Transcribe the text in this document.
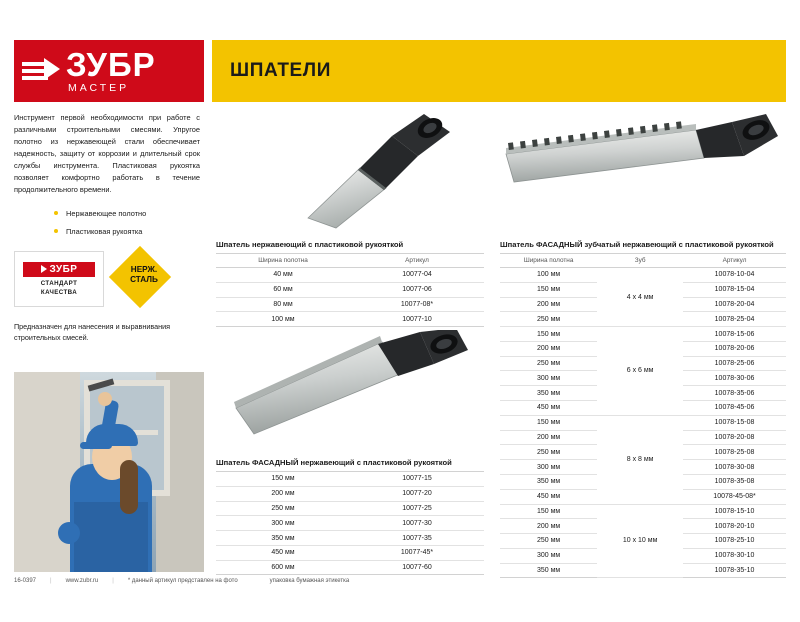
ЗУБР
МАСТЕР
Инструмент первой необходимости при работе с различными строительными смесями. Упругое полотно из нержавеющей стали обеспечивает надежность, защиту от коррозии и длительный срок службы инструмента. Пластиковая рукоятка позволяет комфортно работать в течение продолжительного времени.
Нержавеющее полотно
Пластиковая рукоятка
ЗУБР
СТАНДАРТ
КАЧЕСТВА
НЕРЖ.
СТАЛЬ
Предназначен для нанесения и выравнивания строительных смесей.
ШПАТЕЛИ
Шпатель нержавеющий с пластиковой рукояткой
Ширина полотна	Артикул
40 мм	10077-04
60 мм	10077-06
80 мм	10077-08*
100 мм	10077-10
Шпатель ФАСАДНЫЙ нержавеющий с пластиковой рукояткой
150 мм	10077-15
200 мм	10077-20
250 мм	10077-25
300 мм	10077-30
350 мм	10077-35
450 мм	10077-45*
600 мм	10077-60
Шпатель ФАСАДНЫЙ зубчатый нержавеющий с пластиковой рукояткой
Ширина полотна	Зуб	Артикул
100 мм	4 х 4 мм	10078-10-04
150 мм		10078-15-04
200 мм		10078-20-04
250 мм		10078-25-04
150 мм	6 х 6 мм	10078-15-06
200 мм		10078-20-06
250 мм		10078-25-06
300 мм		10078-30-06
350 мм		10078-35-06
450 мм		10078-45-06
150 мм	8 х 8 мм	10078-15-08
200 мм		10078-20-08
250 мм		10078-25-08
300 мм		10078-30-08
350 мм		10078-35-08
450 мм		10078-45-08*
150 мм	10 х 10 мм	10078-15-10
200 мм		10078-20-10
250 мм		10078-25-10
300 мм		10078-30-10
350 мм		10078-35-10
16-0397 | www.zubr.ru | * данный артикул представлен на фото	упаковка бумажная этикетка
